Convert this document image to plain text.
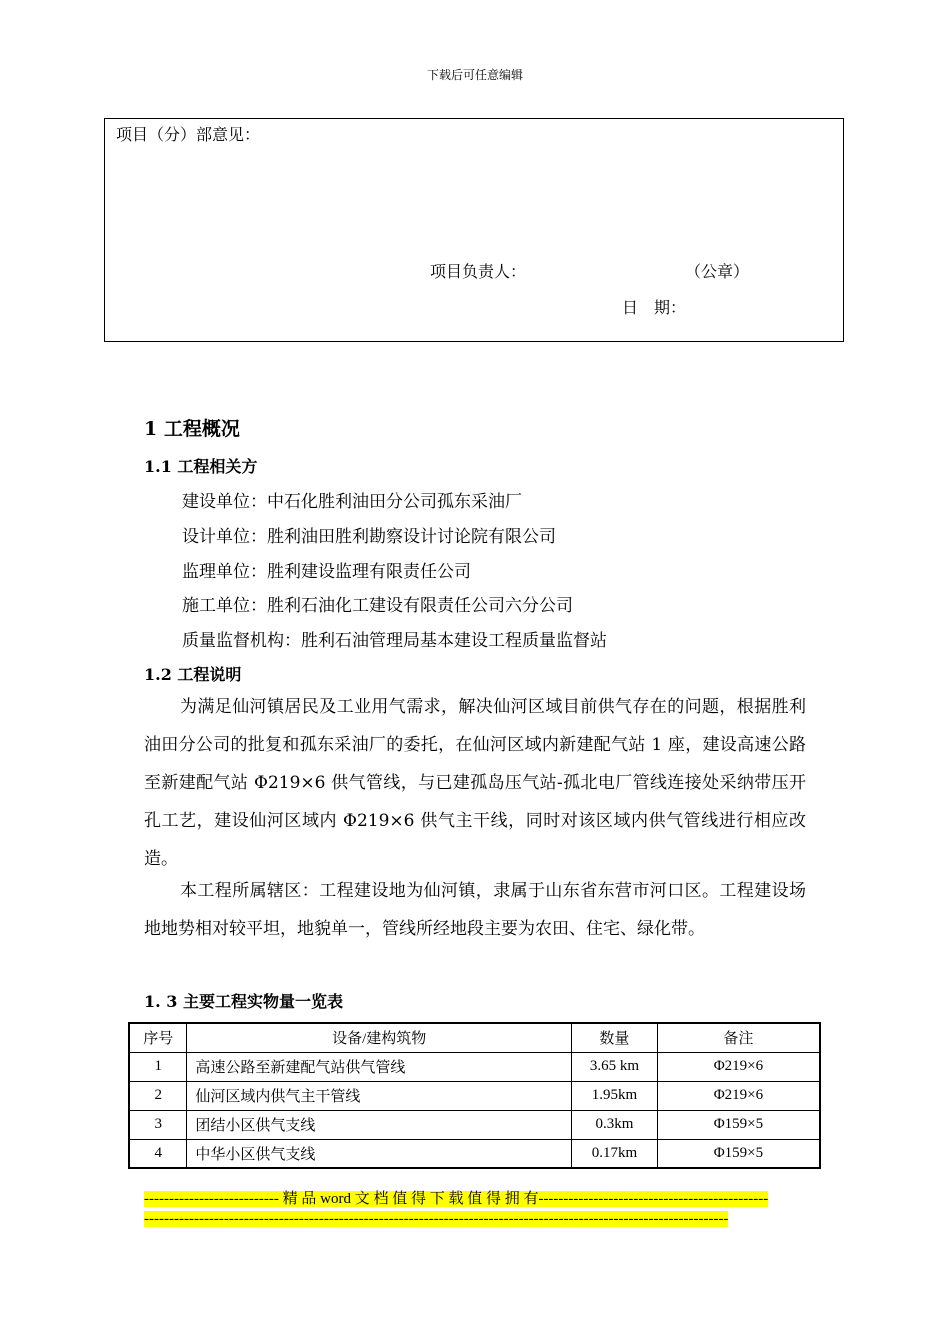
下载后可任意编辑
项目（分）部意见：
项目负责人：	（公章）
日　期：
1 工程概况
1.1 工程相关方
建设单位：中石化胜利油田分公司孤东采油厂
设计单位：胜利油田胜利勘察设计讨论院有限公司
监理单位：胜利建设监理有限责任公司
施工单位：胜利石油化工建设有限责任公司六分公司
质量监督机构：胜利石油管理局基本建设工程质量监督站
1.2 工程说明
为满足仙河镇居民及工业用气需求，解决仙河区域目前供气存在的问题，根据胜利油田分公司的批复和孤东采油厂的委托，在仙河区域内新建配气站 1 座，建设高速公路至新建配气站 Φ219×6 供气管线，与已建孤岛压气站-孤北电厂管线连接处采纳带压开孔工艺，建设仙河区域内 Φ219×6 供气主干线，同时对该区域内供气管线进行相应改造。
本工程所属辖区：工程建设地为仙河镇，隶属于山东省东营市河口区。工程建设场地地势相对较平坦，地貌单一，管线所经地段主要为农田、住宅、绿化带。
1. 3 主要工程实物量一览表
序号	设备/建构筑物	数量	备注
1	高速公路至新建配气站供气管线	3.65 km	Φ219×6
2	仙河区域内供气主干管线	1.95km	Φ219×6
3	团结小区供气支线	0.3km	Φ159×5
4	中华小区供气支线	0.17km	Φ159×5
--------------------------- 精 品 word 文 档 值 得 下 载 值 得 拥 有----------------------------------------------
---------------------------------------------------------------------------------------------------------------------
